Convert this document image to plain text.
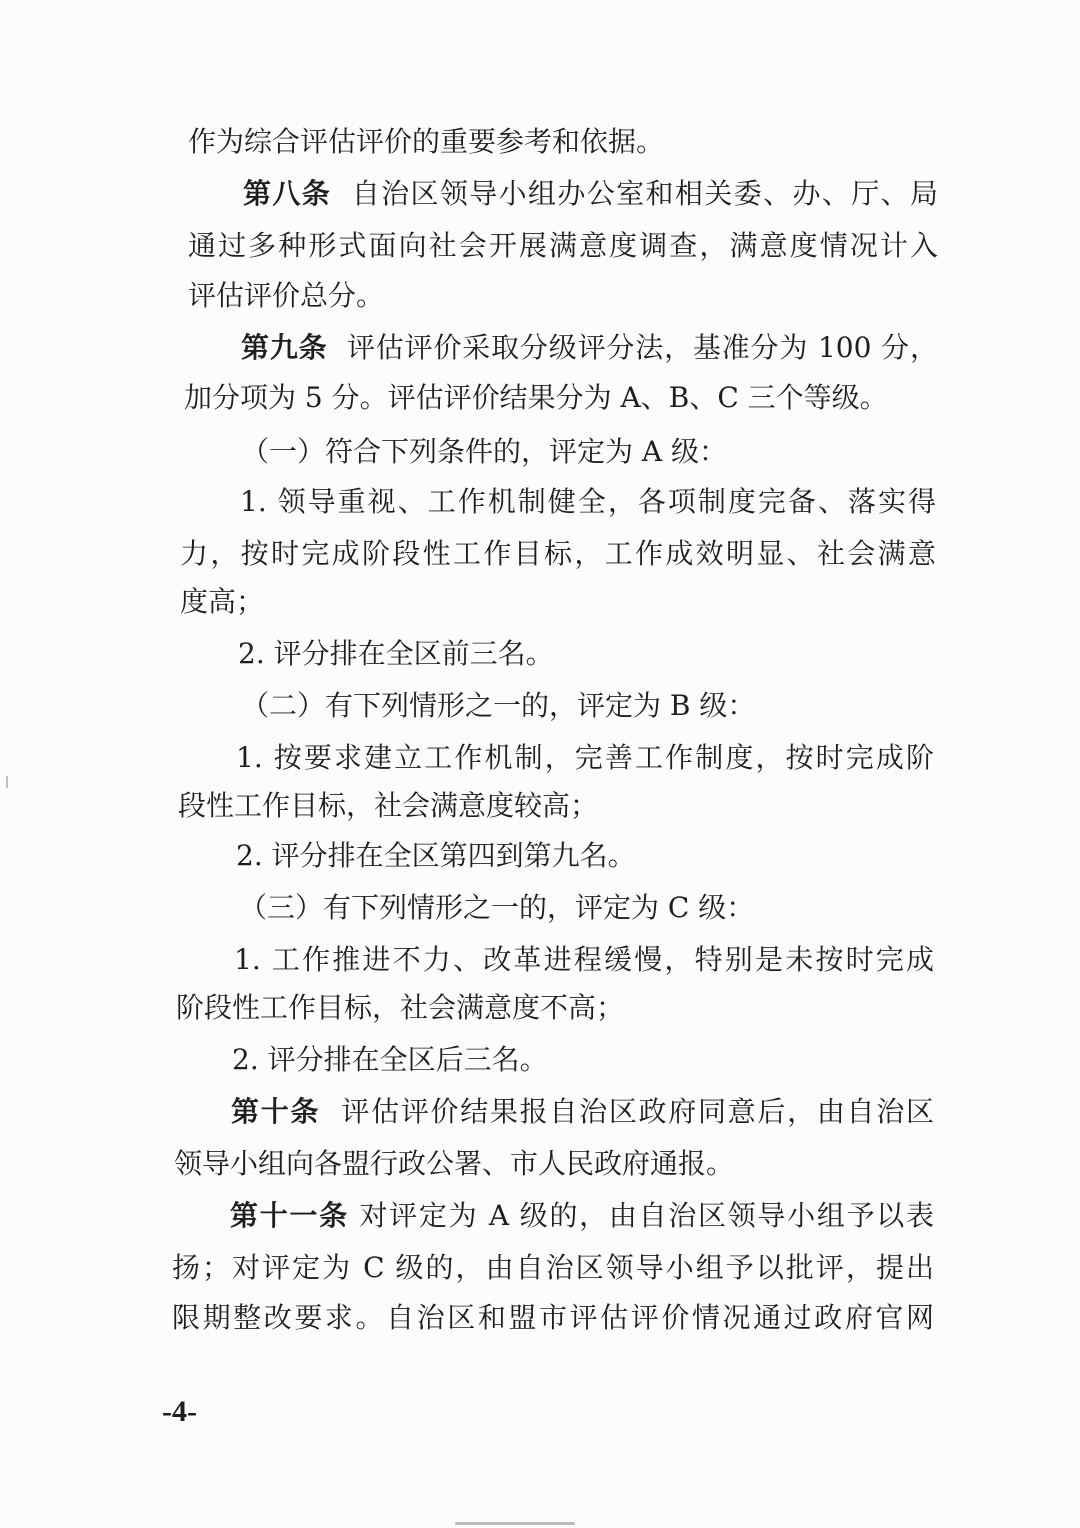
作为综合评估评价的重要参考和依据。
第八条 自治区领导小组办公室和相关委、办、厅、局
通过多种形式面向社会开展满意度调查，满意度情况计入
评估评价总分。
第九条 评估评价采取分级评分法，基准分为 100 分，
加分项为 5 分。评估评价结果分为 A、B、C 三个等级。
（一）符合下列条件的，评定为 A 级：
1. 领导重视、工作机制健全，各项制度完备、落实得
力，按时完成阶段性工作目标，工作成效明显、社会满意
度高；
2. 评分排在全区前三名。
（二）有下列情形之一的，评定为 B 级：
1. 按要求建立工作机制，完善工作制度，按时完成阶
段性工作目标，社会满意度较高；
2. 评分排在全区第四到第九名。
（三）有下列情形之一的，评定为 C 级：
1. 工作推进不力、改革进程缓慢，特别是未按时完成
阶段性工作目标，社会满意度不高；
2. 评分排在全区后三名。
第十条 评估评价结果报自治区政府同意后，由自治区
领导小组向各盟行政公署、市人民政府通报。
第十一条 对评定为 A 级的，由自治区领导小组予以表
扬；对评定为 C 级的，由自治区领导小组予以批评，提出
限期整改要求。自治区和盟市评估评价情况通过政府官网
-4-
